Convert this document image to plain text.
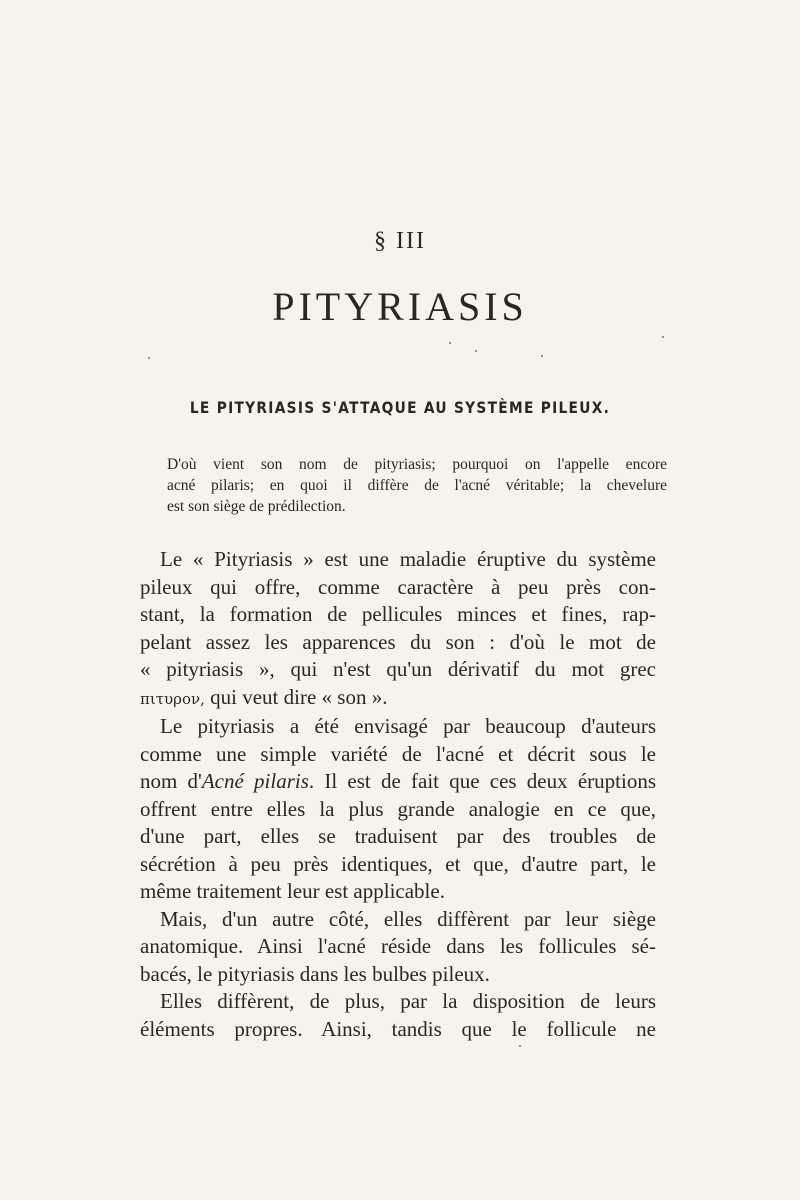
§ III
PITYRIASIS
LE PITYRIASIS S'ATTAQUE AU SYSTÈME PILEUX.
D'où vient son nom de pityriasis; pourquoi on l'appelle encore
acné pilaris; en quoi il diffère de l'acné véritable; la chevelure
est son siège de prédilection.
Le « Pityriasis » est une maladie éruptive du système
pileux qui offre, comme caractère à peu près con-
stant, la formation de pellicules minces et fines, rap-
pelant assez les apparences du son : d'où le mot de
« pityriasis », qui n'est qu'un dérivatif du mot grec
πιτυρον, qui veut dire « son ».
Le pityriasis a été envisagé par beaucoup d'auteurs
comme une simple variété de l'acné et décrit sous le
nom d'Acné pilaris. Il est de fait que ces deux éruptions
offrent entre elles la plus grande analogie en ce que,
d'une part, elles se traduisent par des troubles de
sécrétion à peu près identiques, et que, d'autre part, le
même traitement leur est applicable.
Mais, d'un autre côté, elles diffèrent par leur siège
anatomique. Ainsi l'acné réside dans les follicules sé-
bacés, le pityriasis dans les bulbes pileux.
Elles diffèrent, de plus, par la disposition de leurs
éléments propres. Ainsi, tandis que le follicule ne
